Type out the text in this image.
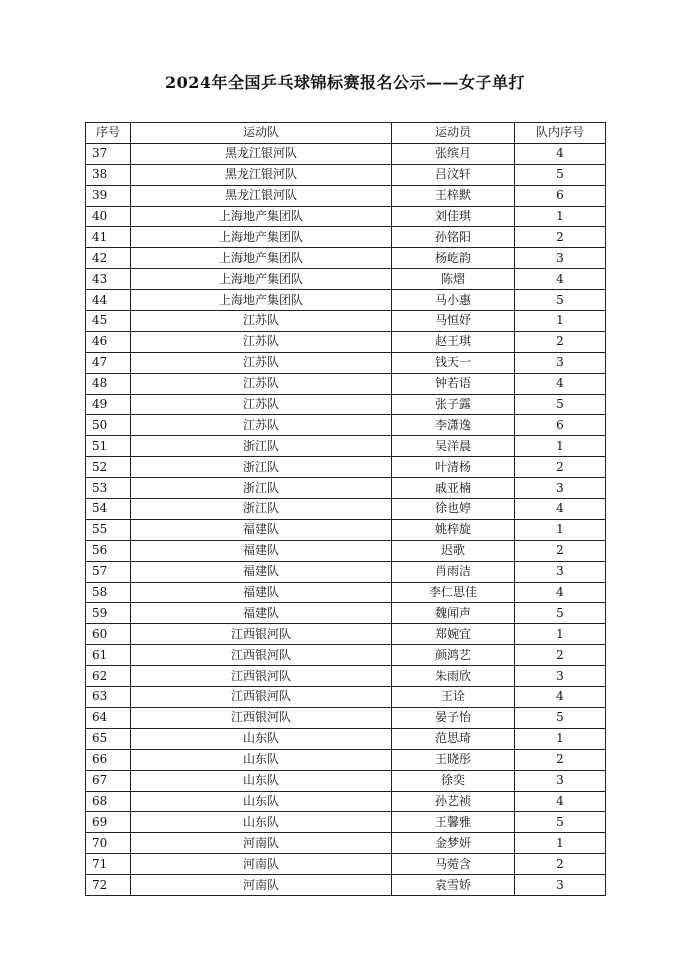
2024年全国乒乓球锦标赛报名公示——女子单打
序号	运动队	运动员	队内序号
37	黑龙江银河队	张缤月	4
38	黑龙江银河队	吕汶轩	5
39	黑龙江银河队	王梓默	6
40	上海地产集团队	刘佳琪	1
41	上海地产集团队	孙铭阳	2
42	上海地产集团队	杨屹韵	3
43	上海地产集团队	陈熠	4
44	上海地产集团队	马小惠	5
45	江苏队	马恒妤	1
46	江苏队	赵王琪	2
47	江苏队	钱天一	3
48	江苏队	钟若语	4
49	江苏队	张子露	5
50	江苏队	李潇逸	6
51	浙江队	吴洋晨	1
52	浙江队	叶清杨	2
53	浙江队	戚亚楠	3
54	浙江队	徐也婷	4
55	福建队	姚梓旋	1
56	福建队	迟歌	2
57	福建队	肖雨洁	3
58	福建队	李仁思佳	4
59	福建队	魏闻声	5
60	江西银河队	郑婉宜	1
61	江西银河队	颜鸿艺	2
62	江西银河队	朱雨欣	3
63	江西银河队	王诠	4
64	江西银河队	晏子怡	5
65	山东队	范思琦	1
66	山东队	王晓彤	2
67	山东队	徐奕	3
68	山东队	孙艺祯	4
69	山东队	王馨雅	5
70	河南队	金梦妍	1
71	河南队	马菀含	2
72	河南队	袁雪娇	3
